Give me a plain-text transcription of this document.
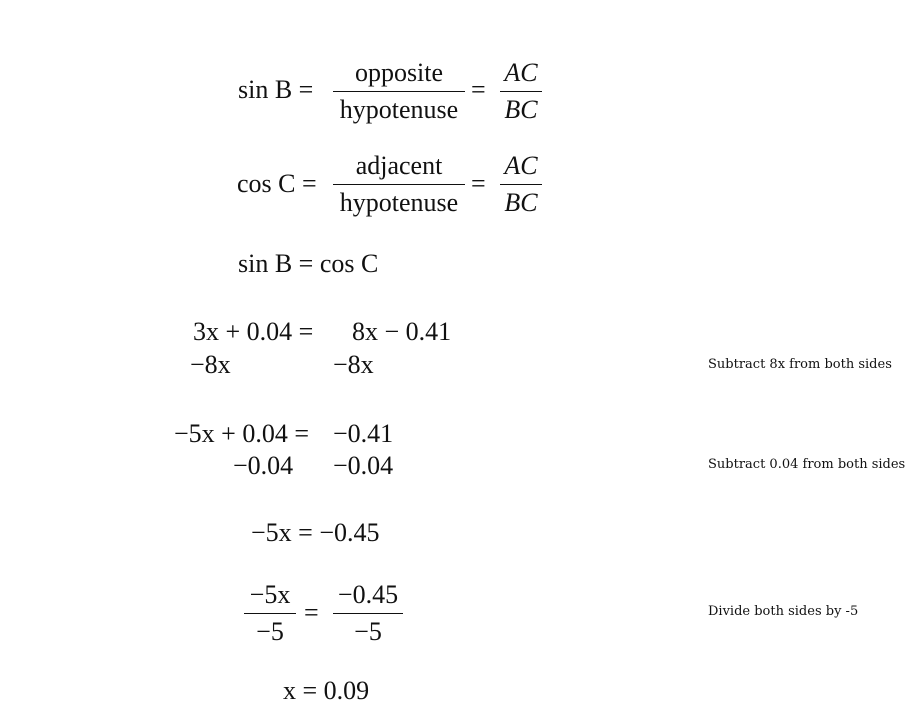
sin B =
opposite
hypotenuse
= $\frac{AC}{BC}$
cos C =
adjacent
hypotenuse
= $\frac{AC}{BC}$
sin B = cos C
3x + 0.04 = 8x − 0.41
−8x	−8x	Subtract 8x from both sides
−5x + 0.04 = −0.41
−0.04 −0.04	Subtract 0.04 from both sides
−5x = −0.45
$\frac{-5x}{-5} = \frac{-0.45}{-5}$	Divide both sides by -5
x = 0.09
